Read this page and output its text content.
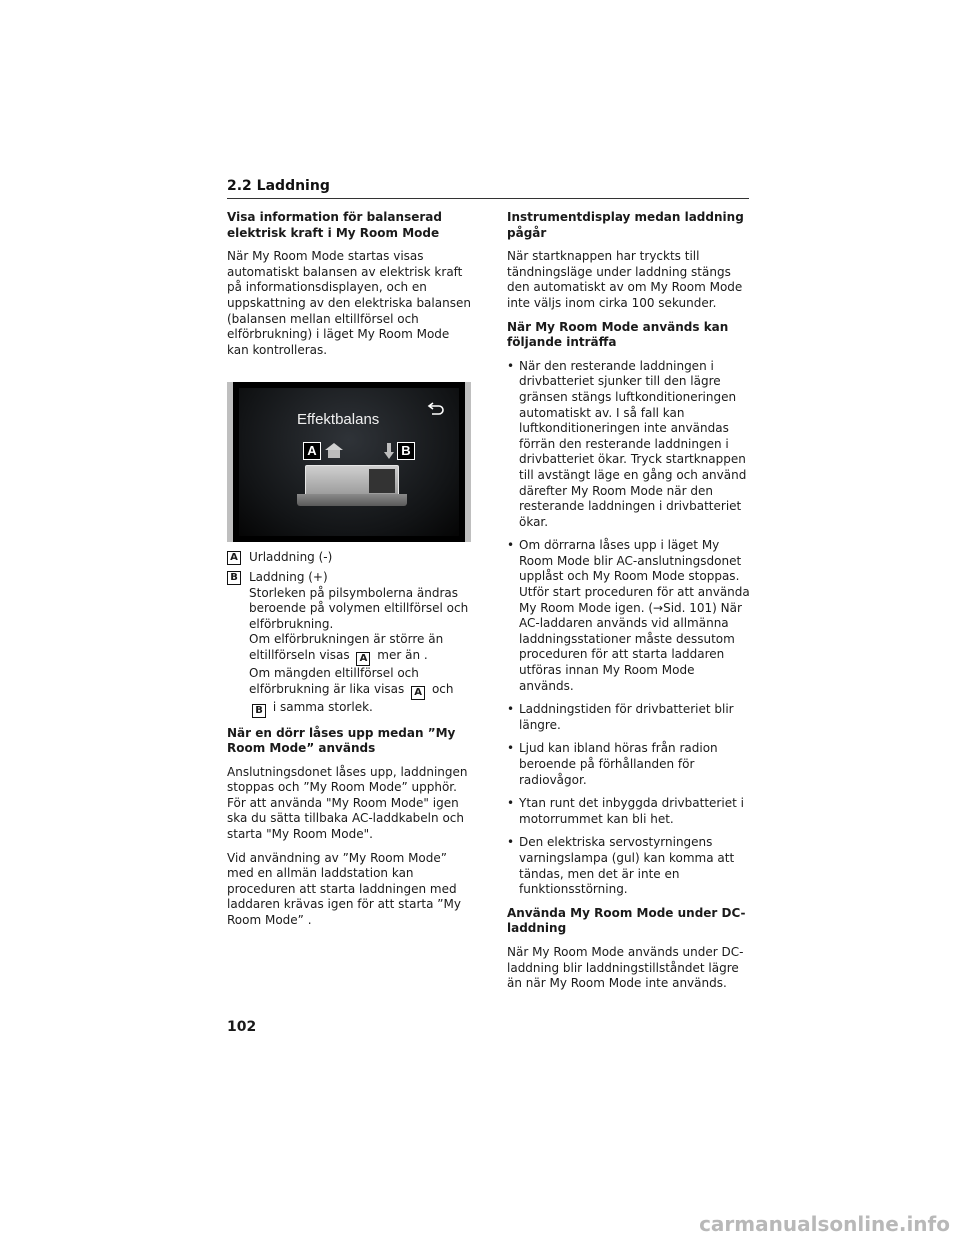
2.2 Laddning
Visa information för balanserad elektrisk kraft i My Room Mode

När My Room Mode startas visas automatiskt balansen av elektrisk kraft på informationsdisplayen, och en uppskattning av den elektriska balansen (balansen mellan eltillförsel och elförbrukning) i läget My Room Mode kan kontrolleras.

Effektbalans
A	B
A Urladdning (-)
B Laddning (+)
Storleken på pilsymbolerna ändras beroende på volymen eltillförsel och elförbrukning.
Om elförbrukningen är större än eltillförseln visas A mer än .
Om mängden eltillförsel och elförbrukning är lika visas A och B i samma storlek.
När en dörr låses upp medan ”My Room Mode” används

Anslutningsdonet låses upp, laddningen stoppas och ”My Room Mode” upphör. För att använda "My Room Mode" igen ska du sätta tillbaka AC-laddkabeln och starta "My Room Mode".

Vid användning av ”My Room Mode” med en allmän laddstation kan proceduren att starta laddningen med laddaren krävas igen för att starta ”My Room Mode” .

Instrumentdisplay medan laddning pågår

När startknappen har tryckts till tändningsläge under laddning stängs den automatiskt av om My Room Mode inte väljs inom cirka 100 sekunder.

När My Room Mode används kan följande inträffa
• När den resterande laddningen i drivbatteriet sjunker till den lägre gränsen stängs luftkonditioneringen automatiskt av. I så fall kan luftkonditioneringen inte användas förrän den resterande laddningen i drivbatteriet ökar. Tryck startknappen till avstängt läge en gång och använd därefter My Room Mode när den resterande laddningen i drivbatteriet ökar.
• Om dörrarna låses upp i läget My Room Mode blir AC-anslutningsdonet upplåst och My Room Mode stoppas. Utför start proceduren för att använda My Room Mode igen. (→Sid. 101) När AC-laddaren används vid allmänna laddningsstationer måste dessutom proceduren för att starta laddaren utföras innan My Room Mode används.
• Laddningstiden för drivbatteriet blir längre.
• Ljud kan ibland höras från radion beroende på förhållanden för radiovågor.
• Ytan runt det inbyggda drivbatteriet i motorrummet kan bli het.
• Den elektriska servostyrningens varningslampa (gul) kan komma att tändas, men det är inte en funktionsstörning.
Använda My Room Mode under DC-laddning

När My Room Mode används under DC-laddning blir laddningstillståndet lägre än när My Room Mode inte används.

102
carmanualsonline.info
